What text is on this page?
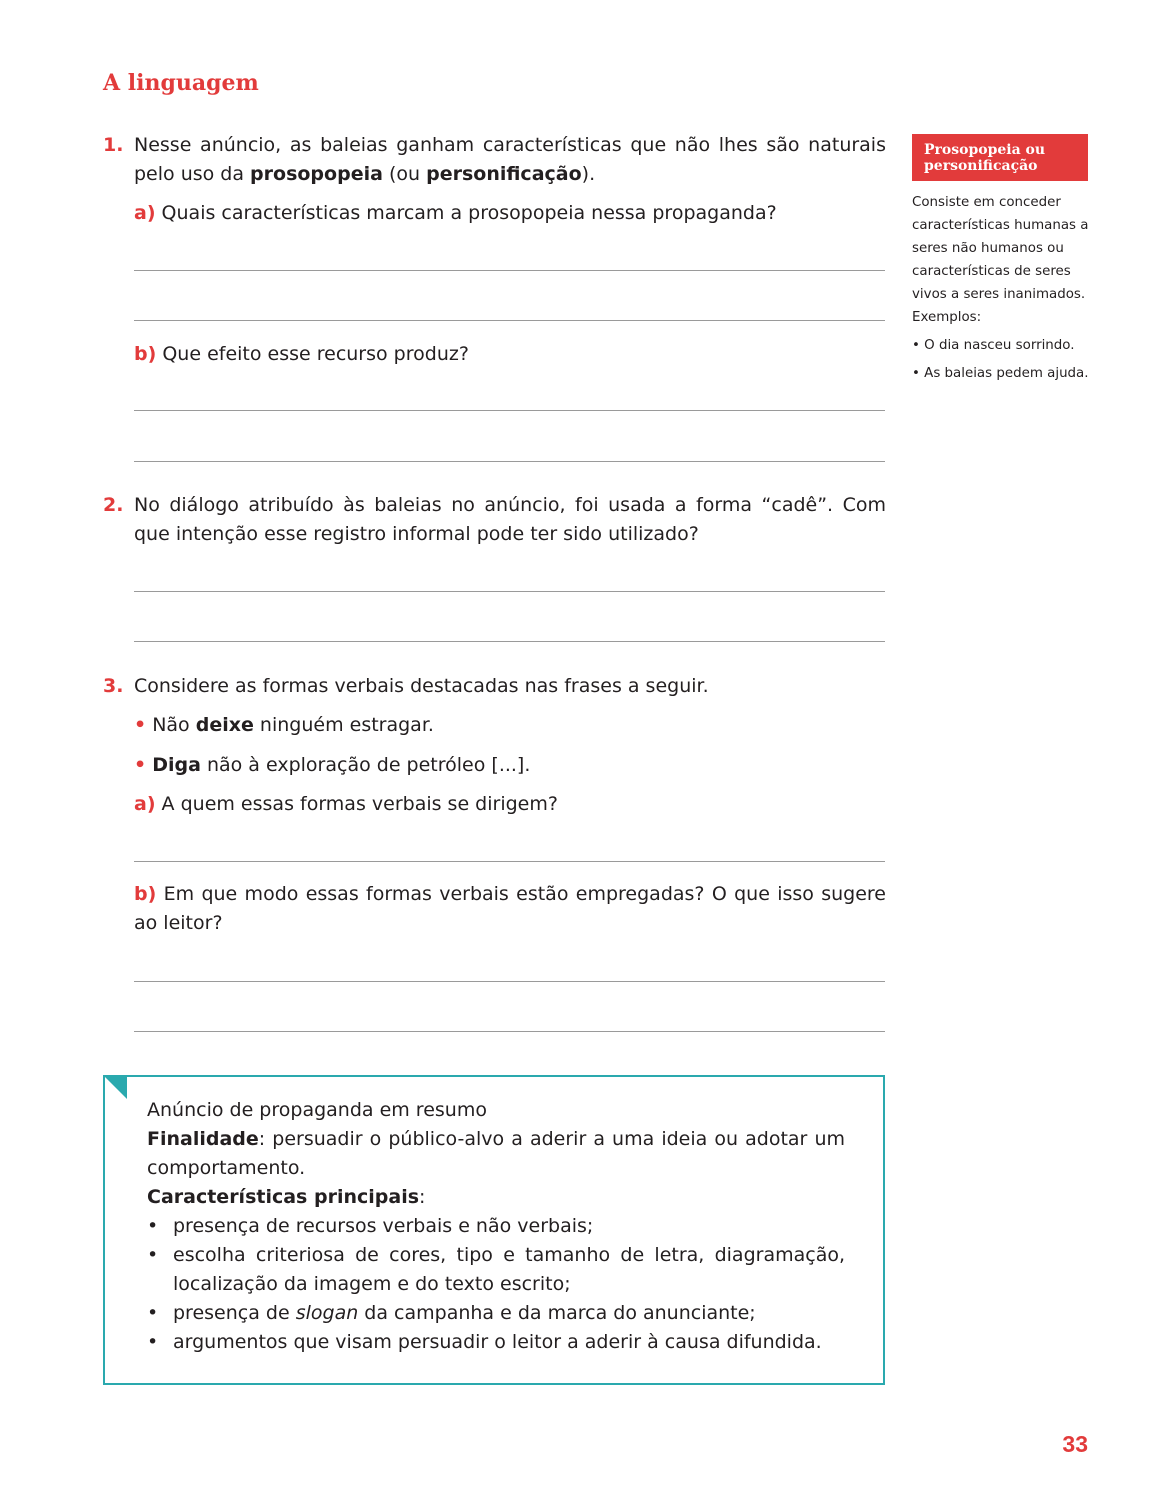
A linguagem
1. Nesse anúncio, as baleias ganham características que não lhes são naturais pelo uso da prosopopeia (ou personificação).
a) Quais características marcam a prosopopeia nessa propaganda?
b) Que efeito esse recurso produz?
2. No diálogo atribuído às baleias no anúncio, foi usada a forma “cadê”. Com que intenção esse registro informal pode ter sido utilizado?
3. Considere as formas verbais destacadas nas frases a seguir.
• Não deixe ninguém estragar.
• Diga não à exploração de petróleo [...].
a) A quem essas formas verbais se dirigem?
b) Em que modo essas formas verbais estão empregadas? O que isso sugere ao leitor?
Prosopopeia ou personificação

Consiste em conceder características humanas a seres não humanos ou características de seres vivos a seres inanimados. Exemplos:

• O dia nasceu sorrindo.

• As baleias pedem ajuda.

Anúncio de propaganda em resumo

Finalidade: persuadir o público-alvo a aderir a uma ideia ou adotar um comportamento.

Características principais:

• presença de recursos verbais e não verbais;
• escolha criteriosa de cores, tipo e tamanho de letra, diagramação, localização da imagem e do texto escrito;
• presença de slogan da campanha e da marca do anunciante;
• argumentos que visam persuadir o leitor a aderir à causa difundida.
33
